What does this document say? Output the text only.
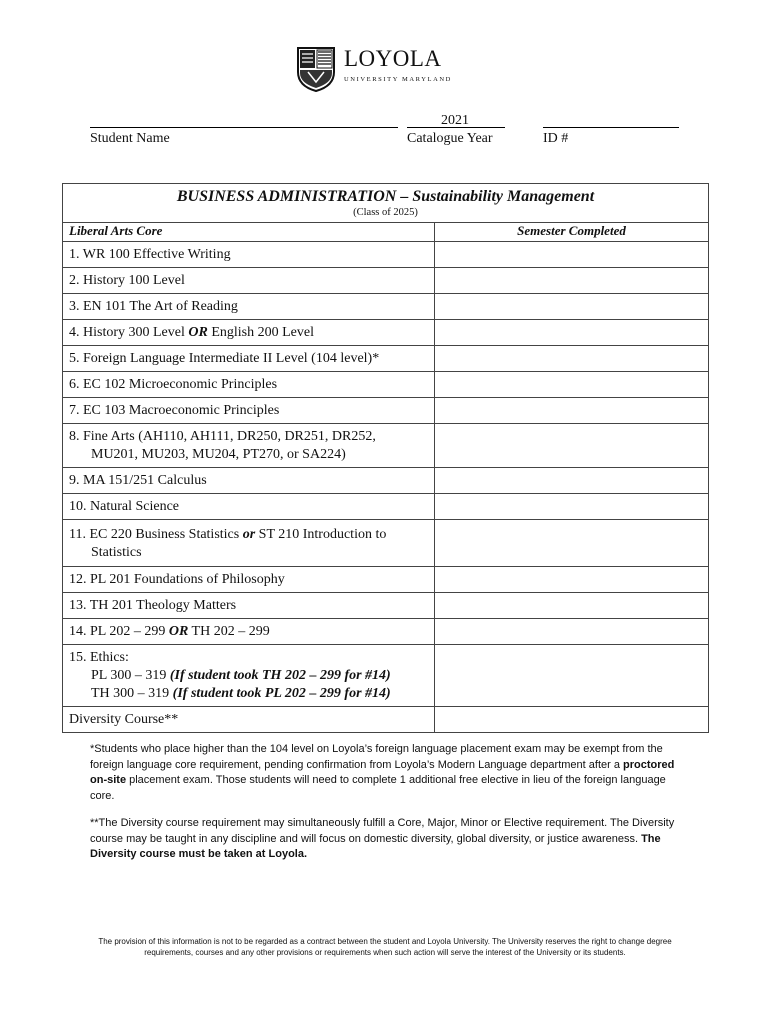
LOYOLA
UNIVERSITY MARYLAND
Student Name
2021
Catalogue Year	ID #
BUSINESS ADMINISTRATION – Sustainability Management
(Class of 2025)	

Liberal Arts Core	Semester Completed
1. WR 100 Effective Writing	
2. History 100 Level	
3. EN 101 The Art of Reading	
4. History 300 Level OR English 200 Level	
5. Foreign Language Intermediate II Level (104 level)*	
6. EC 102 Microeconomic Principles	
7. EC 103 Macroeconomic Principles	
8. Fine Arts (AH110, AH111, DR250, DR251, DR252,
MU201, MU203, MU204, PT270, or SA224)	

9. MA 151/251 Calculus	
10. Natural Science	
11. EC 220 Business Statistics or ST 210 Introduction to
Statistics	

12. PL 201 Foundations of Philosophy	
13. TH 201 Theology Matters	
14. PL 202 – 299 OR TH 202 – 299	
15. Ethics:
PL 300 – 319 (If student took TH 202 – 299 for #14)
TH 300 – 319 (If student took PL 202 – 299 for #14)	

Diversity Course**	

*Students who place higher than the 104 level on Loyola’s foreign language placement exam may be exempt from the foreign language core requirement, pending confirmation from Loyola’s Modern Language department after a proctored on-site placement exam. Those students will need to complete 1 additional free elective in lieu of the foreign language core.

**The Diversity course requirement may simultaneously fulfill a Core, Major, Minor or Elective requirement. The Diversity course may be taught in any discipline and will focus on domestic diversity, global diversity, or justice awareness. The Diversity course must be taken at Loyola.

The provision of this information is not to be regarded as a contract between the student and Loyola University. The University reserves the right to change degree requirements, courses and any other provisions or requirements when such action will serve the interest of the University or its students.
